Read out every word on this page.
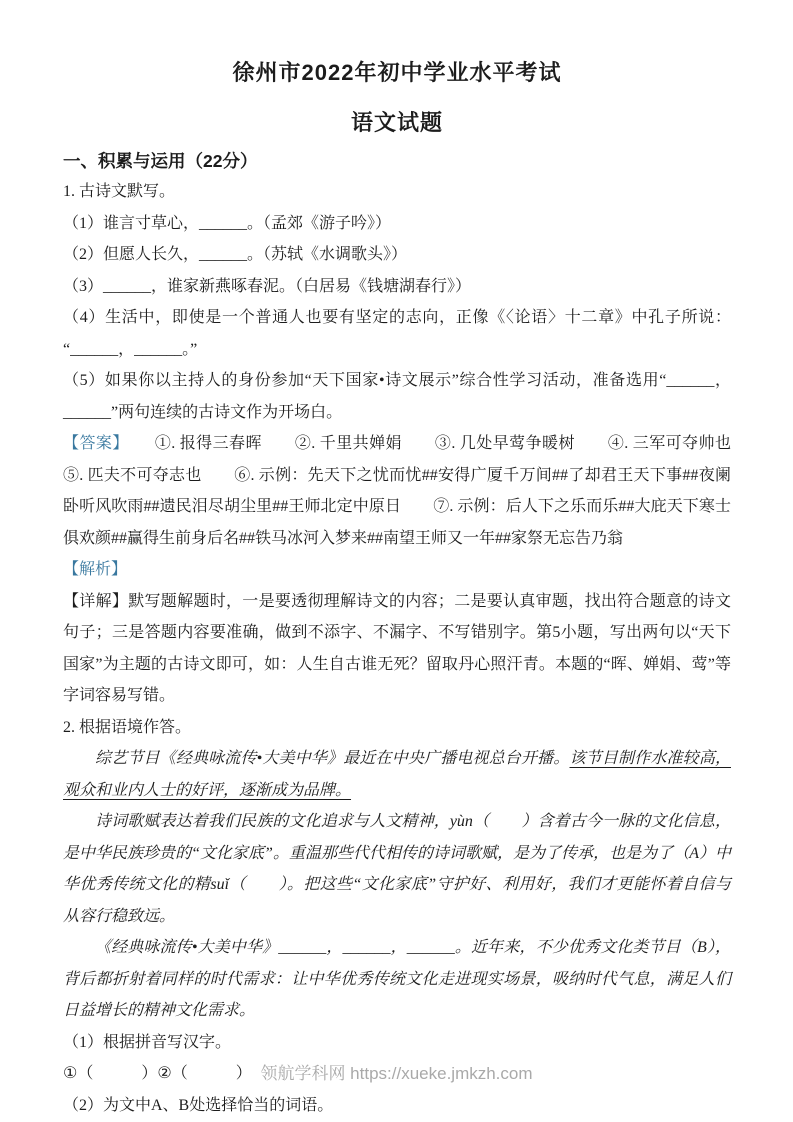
徐州市2022年初中学业水平考试
语文试题
一、积累与运用（22分）

1. 古诗文默写。

（1）谁言寸草心，______。（孟郊《游子吟》）

（2）但愿人长久，______。（苏轼《水调歌头》）

（3）______，谁家新燕啄春泥。（白居易《钱塘湖春行》）

（4）生活中，即使是一个普通人也要有坚定的志向，正像《〈论语〉十二章》中孔子所说：“______，______。”

（5）如果你以主持人的身份参加“天下国家•诗文展示”综合性学习活动，准备选用“______，______”两句连续的古诗文作为开场白。

【答案】 ①. 报得三春晖　　②. 千里共婵娟　　③. 几处早莺争暖树　　④. 三军可夺帅也　　⑤. 匹夫不可夺志也　　⑥. 示例：先天下之忧而忧##安得广厦千万间##了却君王天下事##夜阑卧听风吹雨##遗民泪尽胡尘里##王师北定中原日　　⑦. 示例：后人下之乐而乐##大庇天下寒士俱欢颜##赢得生前身后名##铁马冰河入梦来##南望王师又一年##家祭无忘告乃翁

【解析】

【详解】默写题解题时，一是要透彻理解诗文的内容；二是要认真审题，找出符合题意的诗文句子；三是答题内容要准确，做到不添字、不漏字、不写错别字。第5小题，写出两句以“天下国家”为主题的古诗文即可，如：人生自古谁无死？留取丹心照汗青。本题的“晖、婵娟、莺”等字词容易写错。

2. 根据语境作答。

综艺节目《经典咏流传•大美中华》最近在中央广播电视总台开播。该节目制作水准较高，观众和业内人士的好评，逐渐成为品牌。

诗词歌赋表达着我们民族的文化追求与人文精神，yùn（　　）含着古今一脉的文化信息，是中华民族珍贵的“文化家底”。重温那些代代相传的诗词歌赋，是为了传承，也是为了（A）中华优秀传统文化的精suǐ（　　）。把这些“文化家底”守护好、利用好，我们才更能怀着自信与从容行稳致远。

《经典咏流传•大美中华》______，______，______。近年来，不少优秀文化类节目（B），背后都折射着同样的时代需求：让中华优秀传统文化走进现实场景，吸纳时代气息，满足人们日益增长的精神文化需求。

（1）根据拼音写汉字。

①（　　　）②（　　　）

（2）为文中A、B处选择恰当的词语。

领航学科网 https://xueke.jmkzh.com
